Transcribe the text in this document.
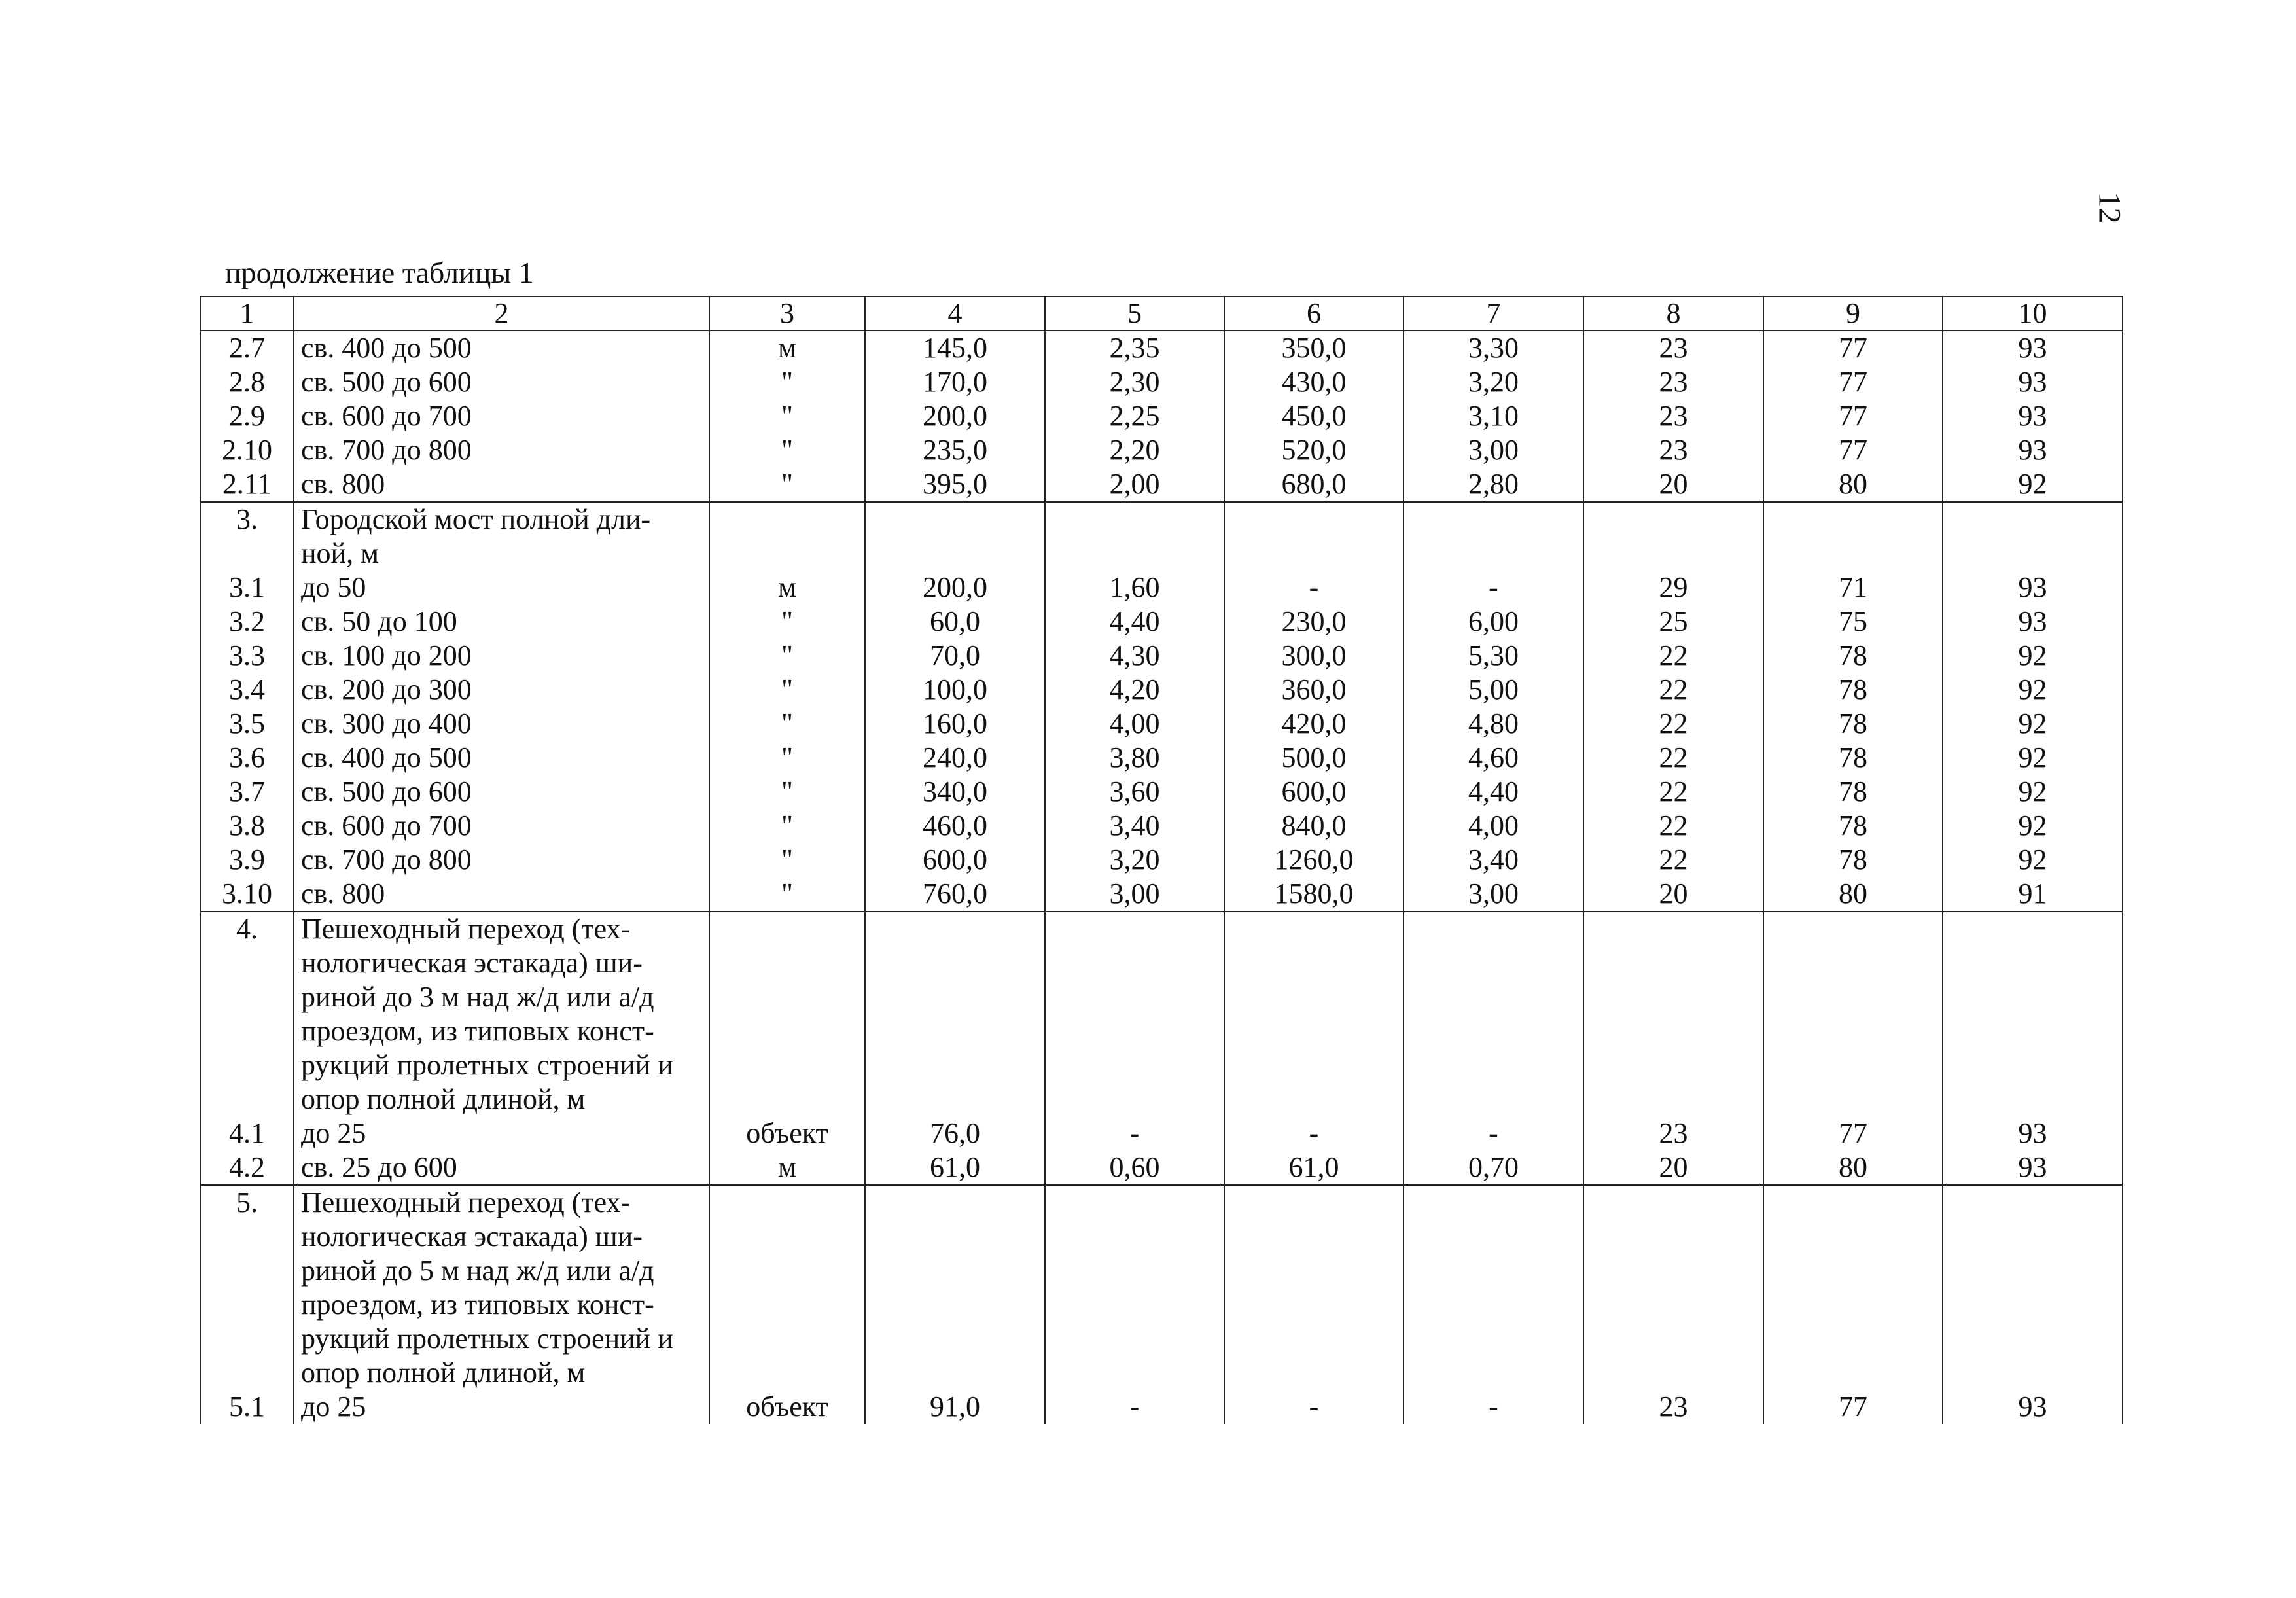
12
продолжение таблицы 1
1	2	3	4	5	6	7	8	9	10
2.7	св. 400 до 500	м	145,0	2,35	350,0	3,30	23	77	93
2.8	св. 500 до 600	"	170,0	2,30	430,0	3,20	23	77	93
2.9	св. 600 до 700	"	200,0	2,25	450,0	3,10	23	77	93
2.10	св. 700 до 800	"	235,0	2,20	520,0	3,00	23	77	93
2.11	св. 800	"	395,0	2,00	680,0	2,80	20	80	92
3.	Городской мост полной дли-ной, м								

3.1	до 50	м	200,0	1,60	-	-	29	71	93
3.2	св. 50 до 100	"	60,0	4,40	230,0	6,00	25	75	93
3.3	св. 100 до 200	"	70,0	4,30	300,0	5,30	22	78	92
3.4	св. 200 до 300	"	100,0	4,20	360,0	5,00	22	78	92
3.5	св. 300 до 400	"	160,0	4,00	420,0	4,80	22	78	92
3.6	св. 400 до 500	"	240,0	3,80	500,0	4,60	22	78	92
3.7	св. 500 до 600	"	340,0	3,60	600,0	4,40	22	78	92
3.8	св. 600 до 700	"	460,0	3,40	840,0	4,00	22	78	92
3.9	св. 700 до 800	"	600,0	3,20	1260,0	3,40	22	78	92
3.10	св. 800	"	760,0	3,00	1580,0	3,00	20	80	91
4.	Пешеходный переход (тех-нологическая эстакада) ши-риной до 3 м над ж/д или а/д проездом, из типовых конст-рукций пролетных строений и опор полной длиной, м								

4.1	до 25	объект	76,0	-	-	-	23	77	93
4.2	св. 25 до 600	м	61,0	0,60	61,0	0,70	20	80	93
5.	Пешеходный переход (тех-нологическая эстакада) ши-риной до 5 м над ж/д или а/д проездом, из типовых конст-рукций пролетных строений и опор полной длиной, м								

5.1	до 25	объект	91,0	-	-	-	23	77	93
